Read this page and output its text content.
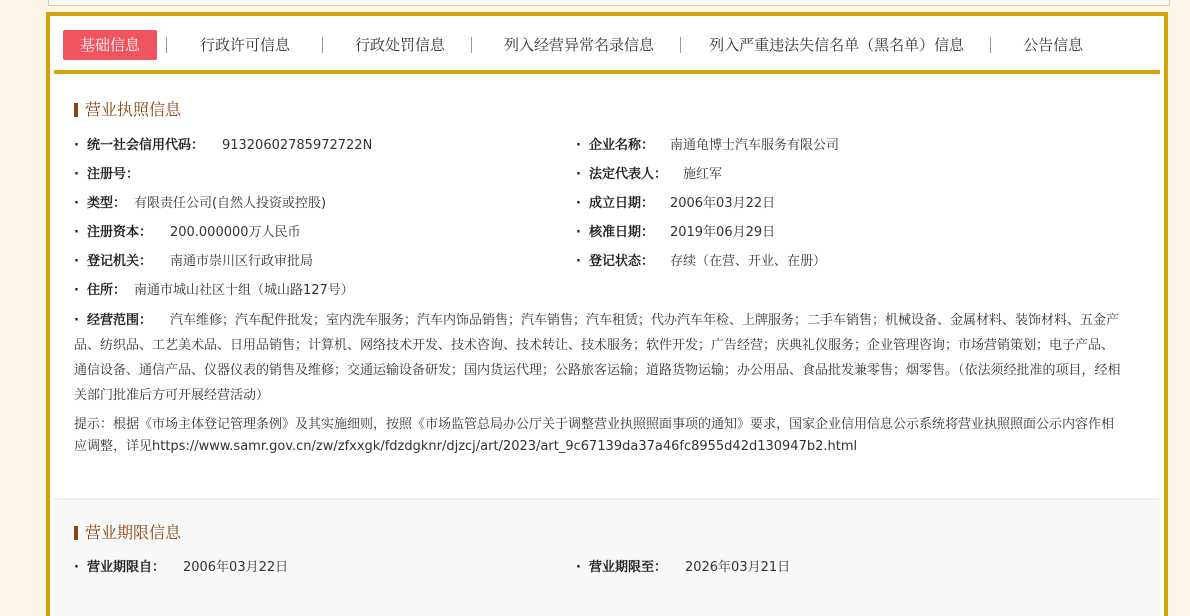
基础信息	行政许可信息	行政处罚信息	列入经营异常名录信息	列入严重违法失信名单（黑名单）信息	公告信息
营业执照信息
· 统一社会信用代码： 91320602785972722N	· 企业名称： 南通龟博士汽车服务有限公司
· 注册号：	· 法定代表人： 施红军
· 类型： 有限责任公司(自然人投资或控股)	· 成立日期： 2006年03月22日
· 注册资本： 200.000000万人民币	· 核准日期： 2019年06月29日
· 登记机关： 南通市崇川区行政审批局	· 登记状态： 存续（在营、开业、在册）
· 住所： 南通市城山社区十组（城山路127号）
· 经营范围： 汽车维修；汽车配件批发；室内洗车服务；汽车内饰品销售；汽车销售；汽车租赁；代办汽车年检、上牌服务；二手车销售；机械设备、金属材料、装饰材料、五金产品、纺织品、工艺美术品、日用品销售；计算机、网络技术开发、技术咨询、技术转让、技术服务；软件开发；广告经营；庆典礼仪服务；企业管理咨询；市场营销策划；电子产品、通信设备、通信产品、仪器仪表的销售及维修；交通运输设备研发；国内货运代理；公路旅客运输；道路货物运输；办公用品、食品批发兼零售；烟零售。（依法须经批准的项目，经相关部门批准后方可开展经营活动）
提示：根据《市场主体登记管理条例》及其实施细则，按照《市场监管总局办公厅关于调整营业执照照面事项的通知》要求，国家企业信用信息公示系统将营业执照照面公示内容作相应调整，详见https://www.samr.gov.cn/zw/zfxxgk/fdzdgknr/djzcj/art/2023/art_9c67139da37a46fc8955d42d130947b2.html
营业期限信息
· 营业期限自： 2006年03月22日	· 营业期限至： 2026年03月21日
